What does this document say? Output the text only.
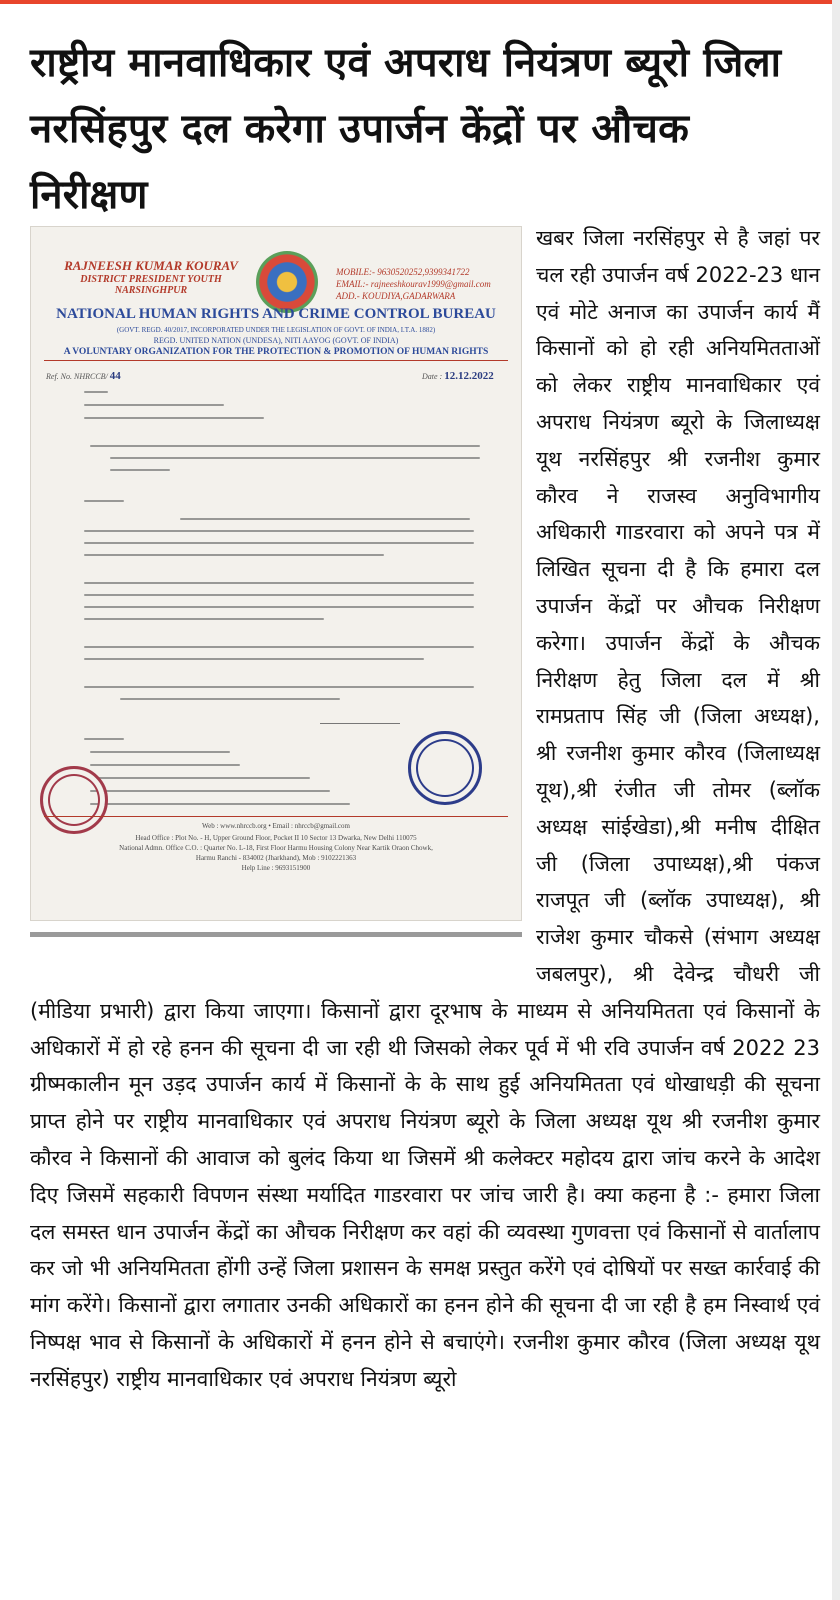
राष्ट्रीय मानवाधिकार एवं अपराध नियंत्रण ब्यूरो जिला नरसिंहपुर दल करेगा उपार्जन केंद्रों पर औचक निरीक्षण
RAJNEESH KUMAR KOURAV
DISTRICT PRESIDENT YOUTH
NARSINGHPUR
MOBILE:- 9630520252,9399341722
EMAIL:- rajneeshkourav1999@gmail.com
ADD.- KOUDIYA,GADARWARA
NATIONAL HUMAN RIGHTS AND CRIME CONTROL BUREAU
(GOVT. REGD. 40/2017, INCORPORATED UNDER THE LEGISLATION OF GOVT. OF INDIA, I.T.A. 1882)
REGD. UNITED NATION (UNDESA), NITI AAYOG (GOVT. OF INDIA)
A VOLUNTARY ORGANIZATION FOR THE PROTECTION & PROMOTION OF HUMAN RIGHTS
Ref. No. NHRCCB/ 44	Date : 12.12.2022
Web : www.nhrccb.org • Email : nhrccb@gmail.com
Head Office : Plot No. - H, Upper Ground Floor, Pocket II 10 Sector 13 Dwarka, New Delhi 110075
National Admn. Office C.O. : Quarter No. L-18, First Floor Harmu Housing Colony Near Kartik Oraon Chowk,
Harmu Ranchi - 834002 (Jharkhand), Mob : 9102221363
Help Line : 9693151900

खबर जिला नरसिंहपुर से है जहां पर चल रही उपार्जन वर्ष 2022-23 धान एवं मोटे अनाज का उपार्जन कार्य मैं किसानों को हो रही अनियमितताओं को लेकर राष्ट्रीय मानवाधिकार एवं अपराध नियंत्रण ब्यूरो के जिलाध्यक्ष यूथ नरसिंहपुर श्री रजनीश कुमार कौरव ने राजस्व अनुविभागीय अधिकारी गाडरवारा को अपने पत्र में लिखित सूचना दी है कि हमारा दल उपार्जन केंद्रों पर औचक निरीक्षण करेगा। उपार्जन केंद्रों के औचक निरीक्षण हेतु जिला दल में श्री रामप्रताप सिंह जी (जिला अध्यक्ष), श्री रजनीश कुमार कौरव (जिलाध्यक्ष यूथ),श्री रंजीत जी तोमर (ब्लॉक अध्यक्ष सांईखेडा),श्री मनीष दीक्षित जी (जिला उपाध्यक्ष),श्री पंकज राजपूत जी (ब्लॉक उपाध्यक्ष), श्री राजेश कुमार चौकसे (संभाग अध्यक्ष जबलपुर), श्री देवेन्द्र चौधरी जी (मीडिया प्रभारी) द्वारा किया जाएगा। किसानों द्वारा दूरभाष के माध्यम से अनियमितता एवं किसानों के अधिकारों में हो रहे हनन की सूचना दी जा रही थी जिसको लेकर पूर्व में भी रवि उपार्जन वर्ष 2022 23 ग्रीष्मकालीन मून उड़द उपार्जन कार्य में किसानों के के साथ हुई अनियमितता एवं धोखाधड़ी की सूचना प्राप्त होने पर राष्ट्रीय मानवाधिकार एवं अपराध नियंत्रण ब्यूरो के जिला अध्यक्ष यूथ श्री रजनीश कुमार कौरव ने किसानों की आवाज को बुलंद किया था जिसमें श्री कलेक्टर महोदय द्वारा जांच करने के आदेश दिए जिसमें सहकारी विपणन संस्था मर्यादित गाडरवारा पर जांच जारी है। क्या कहना है :- हमारा जिला दल समस्त धान उपार्जन केंद्रों का औचक निरीक्षण कर वहां की व्यवस्था गुणवत्ता एवं किसानों से वार्तालाप कर जो भी अनियमितता होंगी उन्हें जिला प्रशासन के समक्ष प्रस्तुत करेंगे एवं दोषियों पर सख्त कार्रवाई की मांग करेंगे। किसानों द्वारा लगातार उनकी अधिकारों का हनन होने की सूचना दी जा रही है हम निस्वार्थ एवं निष्पक्ष भाव से किसानों के अधिकारों में हनन होने से बचाएंगे। रजनीश कुमार कौरव (जिला अध्यक्ष यूथ नरसिंहपुर) राष्ट्रीय मानवाधिकार एवं अपराध नियंत्रण ब्यूरो
